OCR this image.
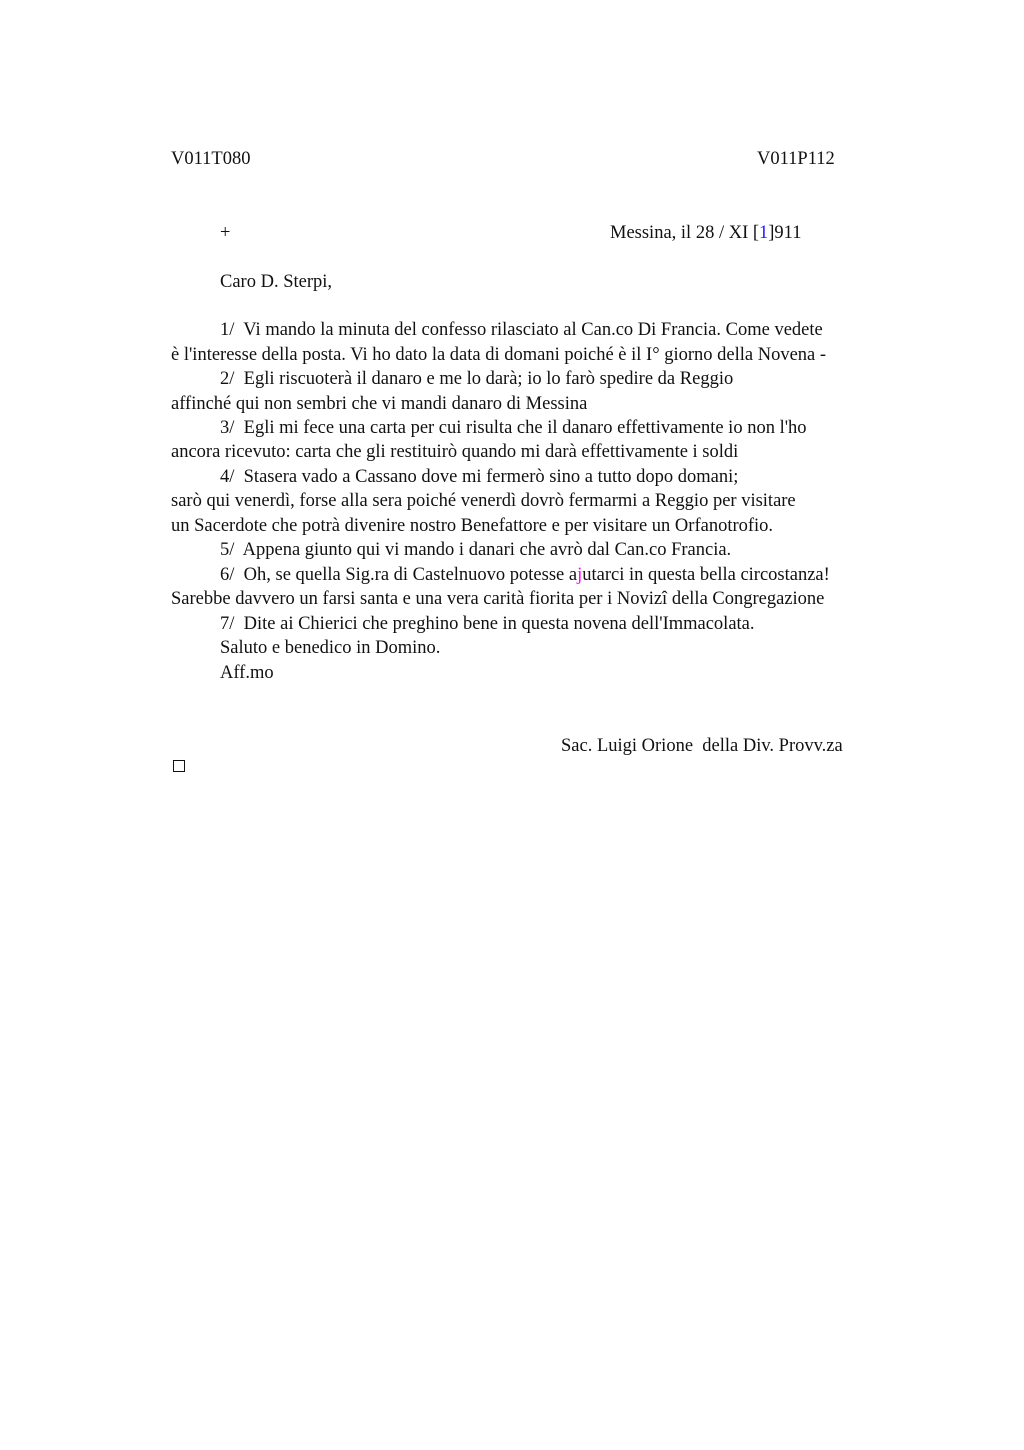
V011T080	V011P112
+	Messina, il 28 / XI [1]911
Caro D. Sterpi,
1/  Vi mando la minuta del confesso rilasciato al Can.co Di Francia. Come vedete
è l'interesse della posta. Vi ho dato la data di domani poiché è il I° giorno della Novena -
2/  Egli riscuoterà il danaro e me lo darà; io lo farò spedire da Reggio
affinché qui non sembri che vi mandi danaro di Messina
3/  Egli mi fece una carta per cui risulta che il danaro effettivamente io non l'ho
ancora ricevuto: carta che gli restituirò quando mi darà effettivamente i soldi
4/  Stasera vado a Cassano dove mi fermerò sino a tutto dopo domani;
sarò qui venerdì, forse alla sera poiché venerdì dovrò fermarmi a Reggio per visitare
un Sacerdote che potrà divenire nostro Benefattore e per visitare un Orfanotrofio.
5/  Appena giunto qui vi mando i danari che avrò dal Can.co Francia.
6/  Oh, se quella Sig.ra di Castelnuovo potesse ajutarci in questa bella circostanza!
Sarebbe davvero un farsi santa e una vera carità fiorita per i Novizi della Congregazione
7/  Dite ai Chierici che preghino bene in questa novena dell'Immacolata.
Saluto e benedico in Domino.
Aff.mo
Sac. Luigi Orione  della Div. Provv.za
